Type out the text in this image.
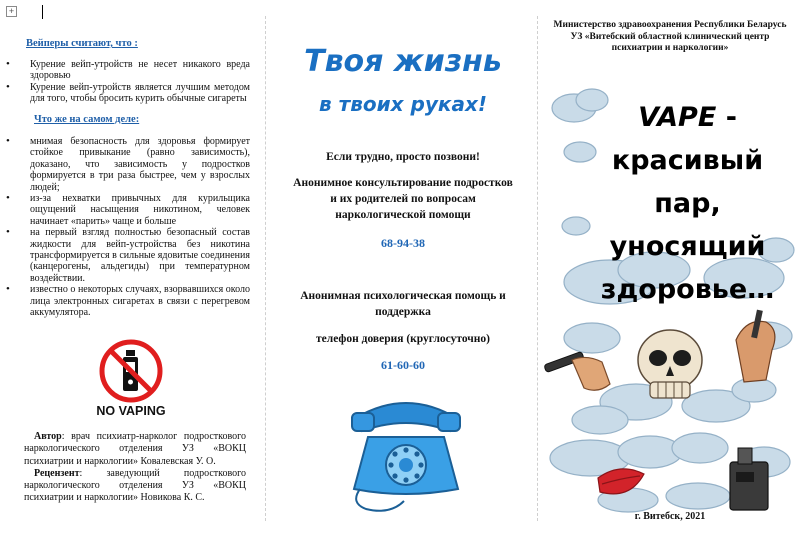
+
Вейперы считают, что :
• Курение вейп-утройств не несет никакого вреда здоровью
• Курение вейп-утройств является лучшим методом для того, чтобы бросить курить обычные сигареты
Что же на самом деле:
• мнимая безопасность для здоровья формирует стойкое привыкание (равно зависимость), доказано, что зависимость у подростков формируется в три раза быстрее, чем у взрослых людей;
• из-за нехватки привычных для курильщика ощущений насыщения никотином, человек начинает «парить» чаще и больше
• на первый взгляд полностью безопасный состав жидкости для вейп-устройства без никотина трансформируется в сильные ядовитые соединения (канцерогены, альдегиды) при температурном воздействии.
• известно о некоторых случаях, взорвавшихся около лица электронных сигаретах в связи с перегревом аккумулятора.
NO VAPING

Автор: врач психиатр-нарколог подросткового наркологического отделения УЗ «ВОКЦ психиатрии и наркологии» Ковалевская У. О.

Рецензент: заведующий подросткового наркологического отделения УЗ «ВОКЦ психиатрии и наркологии» Новикова К. С.

Твоя жизнь
в твоих руках!
Если трудно, просто позвони!
Анонимное консультирование подростков и их родителей по вопросам наркологической помощи
68-94-38
Анонимная психологическая помощь и поддержка
телефон доверия (круглосуточно)
61-60-60
Министерство здравоохранения Республики Беларусь УЗ «Витебский областной клинический центр психиатрии и наркологии»
VAPE - красивый пар, уносящий здоровье…
г. Витебск, 2021
